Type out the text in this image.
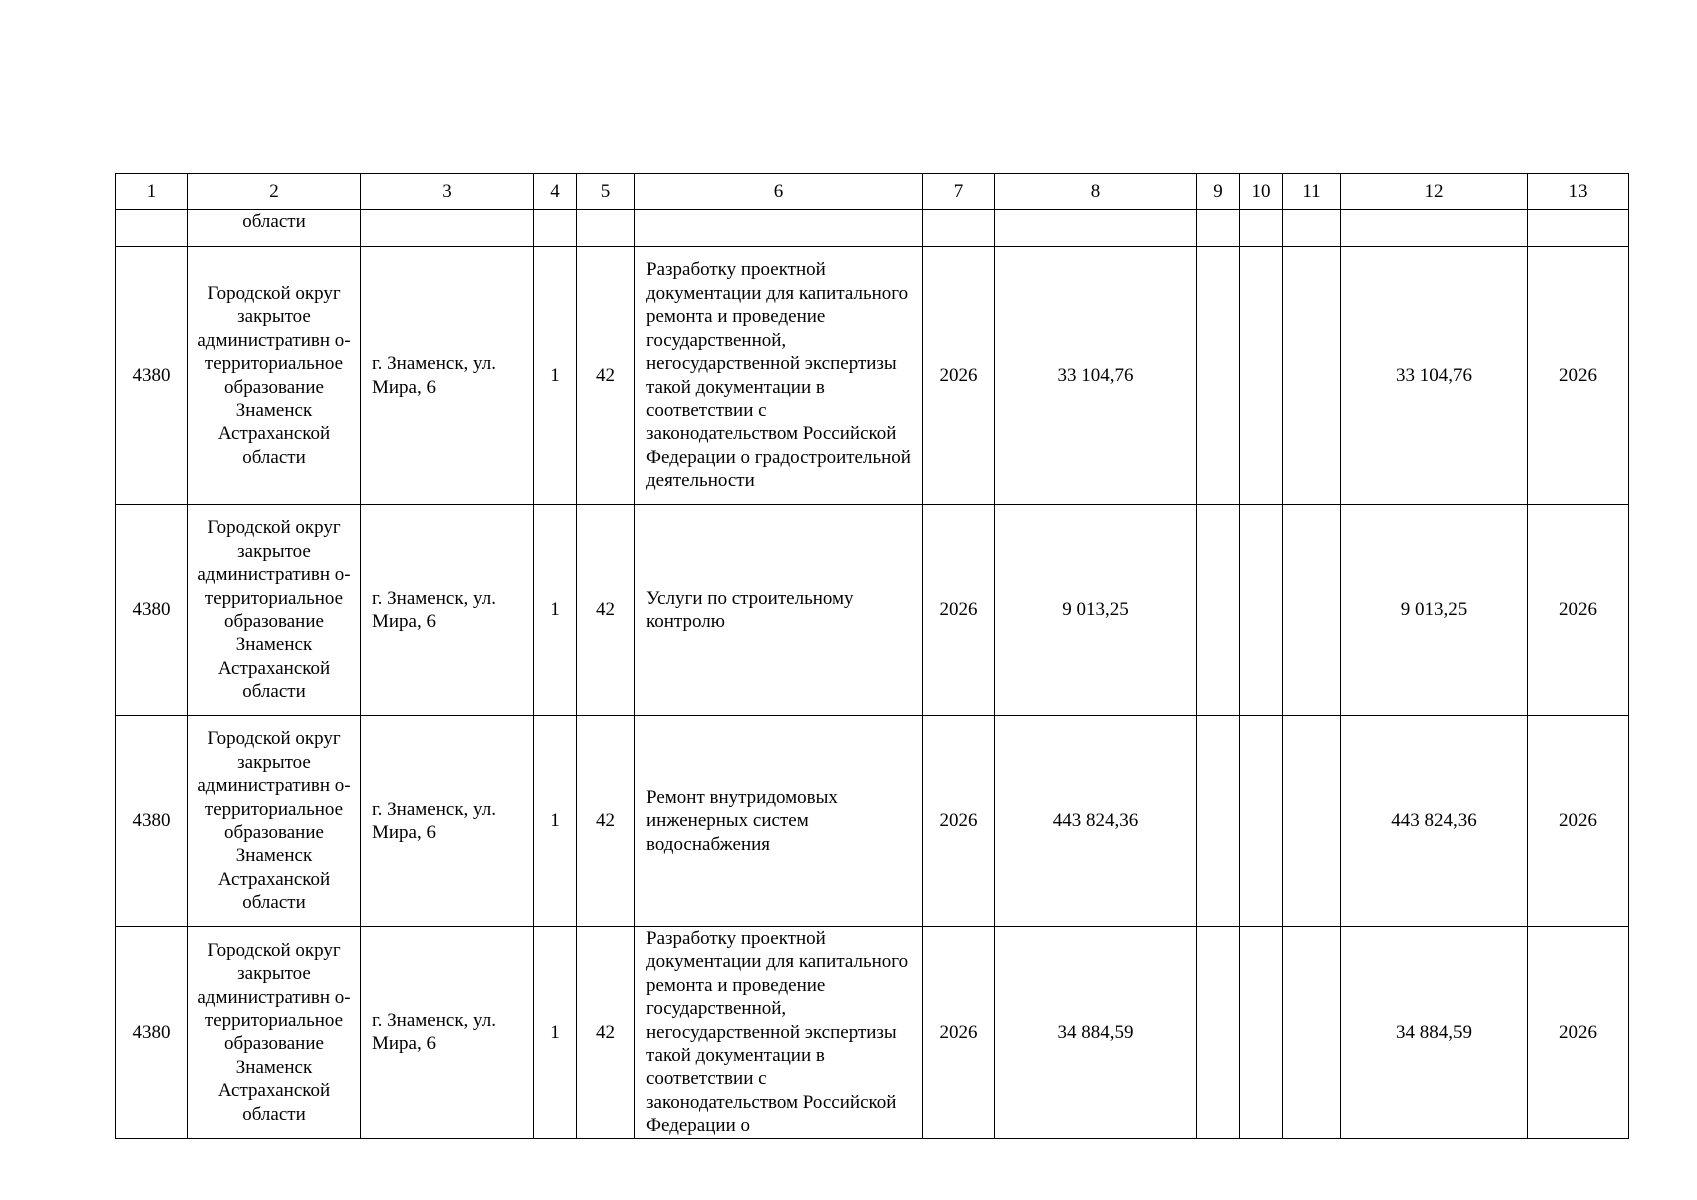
1	2	3	4	5	6	7	8	9	10	11	12	13
	области											
4380	Городской округ закрытое административн о-территориальное образование Знаменск Астраханской области	г. Знаменск, ул. Мира, 6	1	42	Разработку проектной документации для капитального ремонта и проведение государственной, негосударственной экспертизы такой документации в соответствии с законодательством Российской Федерации о градостроительной деятельности	2026	33 104,76				33 104,76	2026
4380	Городской округ закрытое административн о-территориальное образование Знаменск Астраханской области	г. Знаменск, ул. Мира, 6	1	42	Услуги по строительному контролю	2026	9 013,25				9 013,25	2026
4380	Городской округ закрытое административн о-территориальное образование Знаменск Астраханской области	г. Знаменск, ул. Мира, 6	1	42	Ремонт внутридомовых инженерных систем водоснабжения	2026	443 824,36				443 824,36	2026
4380	Городской округ закрытое административн о-территориальное образование Знаменск Астраханской области	г. Знаменск, ул. Мира, 6	1	42	Разработку проектной документации для капитального ремонта и проведение государственной, негосударственной экспертизы такой документации в соответствии с законодательством Российской Федерации о	2026	34 884,59				34 884,59	2026
